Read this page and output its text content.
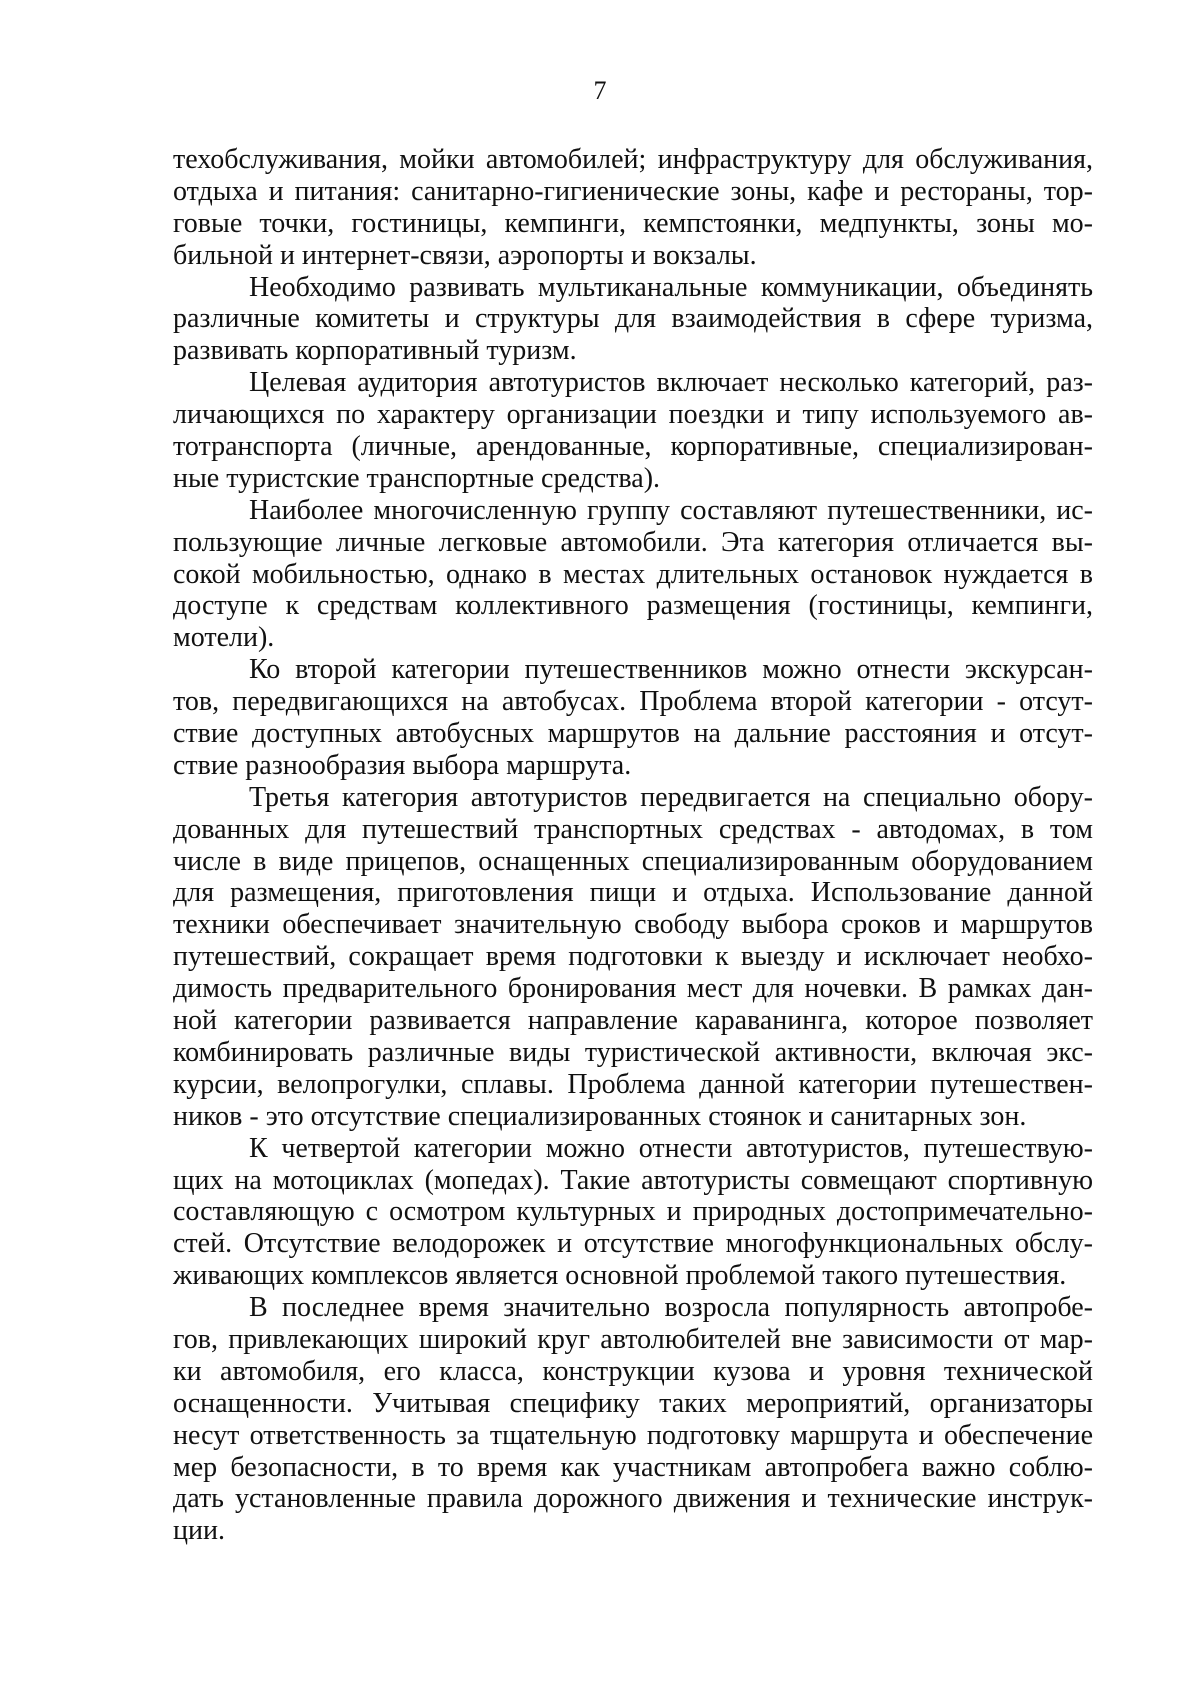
7
техобслуживания, мойки автомобилей; инфраструктуру для обслуживания,
отдыха и питания: санитарно-гигиенические зоны, кафе и рестораны, тор-
говые точки, гостиницы, кемпинги, кемпстоянки, медпункты, зоны мо-
бильной и интернет-связи, аэропорты и вокзалы.
Необходимо развивать мультиканальные коммуникации, объединять
различные комитеты и структуры для взаимодействия в сфере туризма,
развивать корпоративный туризм.
Целевая аудитория автотуристов включает несколько категорий, раз-
личающихся по характеру организации поездки и типу используемого ав-
тотранспорта (личные, арендованные, корпоративные, специализирован-
ные туристские транспортные средства).
Наиболее многочисленную группу составляют путешественники, ис-
пользующие личные легковые автомобили. Эта категория отличается вы-
сокой мобильностью, однако в местах длительных остановок нуждается в
доступе к средствам коллективного размещения (гостиницы, кемпинги,
мотели).
Ко второй категории путешественников можно отнести экскурсан-
тов, передвигающихся на автобусах. Проблема второй категории - отсут-
ствие доступных автобусных маршрутов на дальние расстояния и отсут-
ствие разнообразия выбора маршрута.
Третья категория автотуристов передвигается на специально обору-
дованных для путешествий транспортных средствах - автодомах, в том
числе в виде прицепов, оснащенных специализированным оборудованием
для размещения, приготовления пищи и отдыха. Использование данной
техники обеспечивает значительную свободу выбора сроков и маршрутов
путешествий, сокращает время подготовки к выезду и исключает необхо-
димость предварительного бронирования мест для ночевки. В рамках дан-
ной категории развивается направление караванинга, которое позволяет
комбинировать различные виды туристической активности, включая экс-
курсии, велопрогулки, сплавы. Проблема данной категории путешествен-
ников - это отсутствие специализированных стоянок и санитарных зон.
К четвертой категории можно отнести автотуристов, путешествую-
щих на мотоциклах (мопедах). Такие автотуристы совмещают спортивную
составляющую с осмотром культурных и природных достопримечательно-
стей. Отсутствие велодорожек и отсутствие многофункциональных обслу-
живающих комплексов является основной проблемой такого путешествия.
В последнее время значительно возросла популярность автопробе-
гов, привлекающих широкий круг автолюбителей вне зависимости от мар-
ки автомобиля, его класса, конструкции кузова и уровня технической
оснащенности. Учитывая специфику таких мероприятий, организаторы
несут ответственность за тщательную подготовку маршрута и обеспечение
мер безопасности, в то время как участникам автопробега важно соблю-
дать установленные правила дорожного движения и технические инструк-
ции.
